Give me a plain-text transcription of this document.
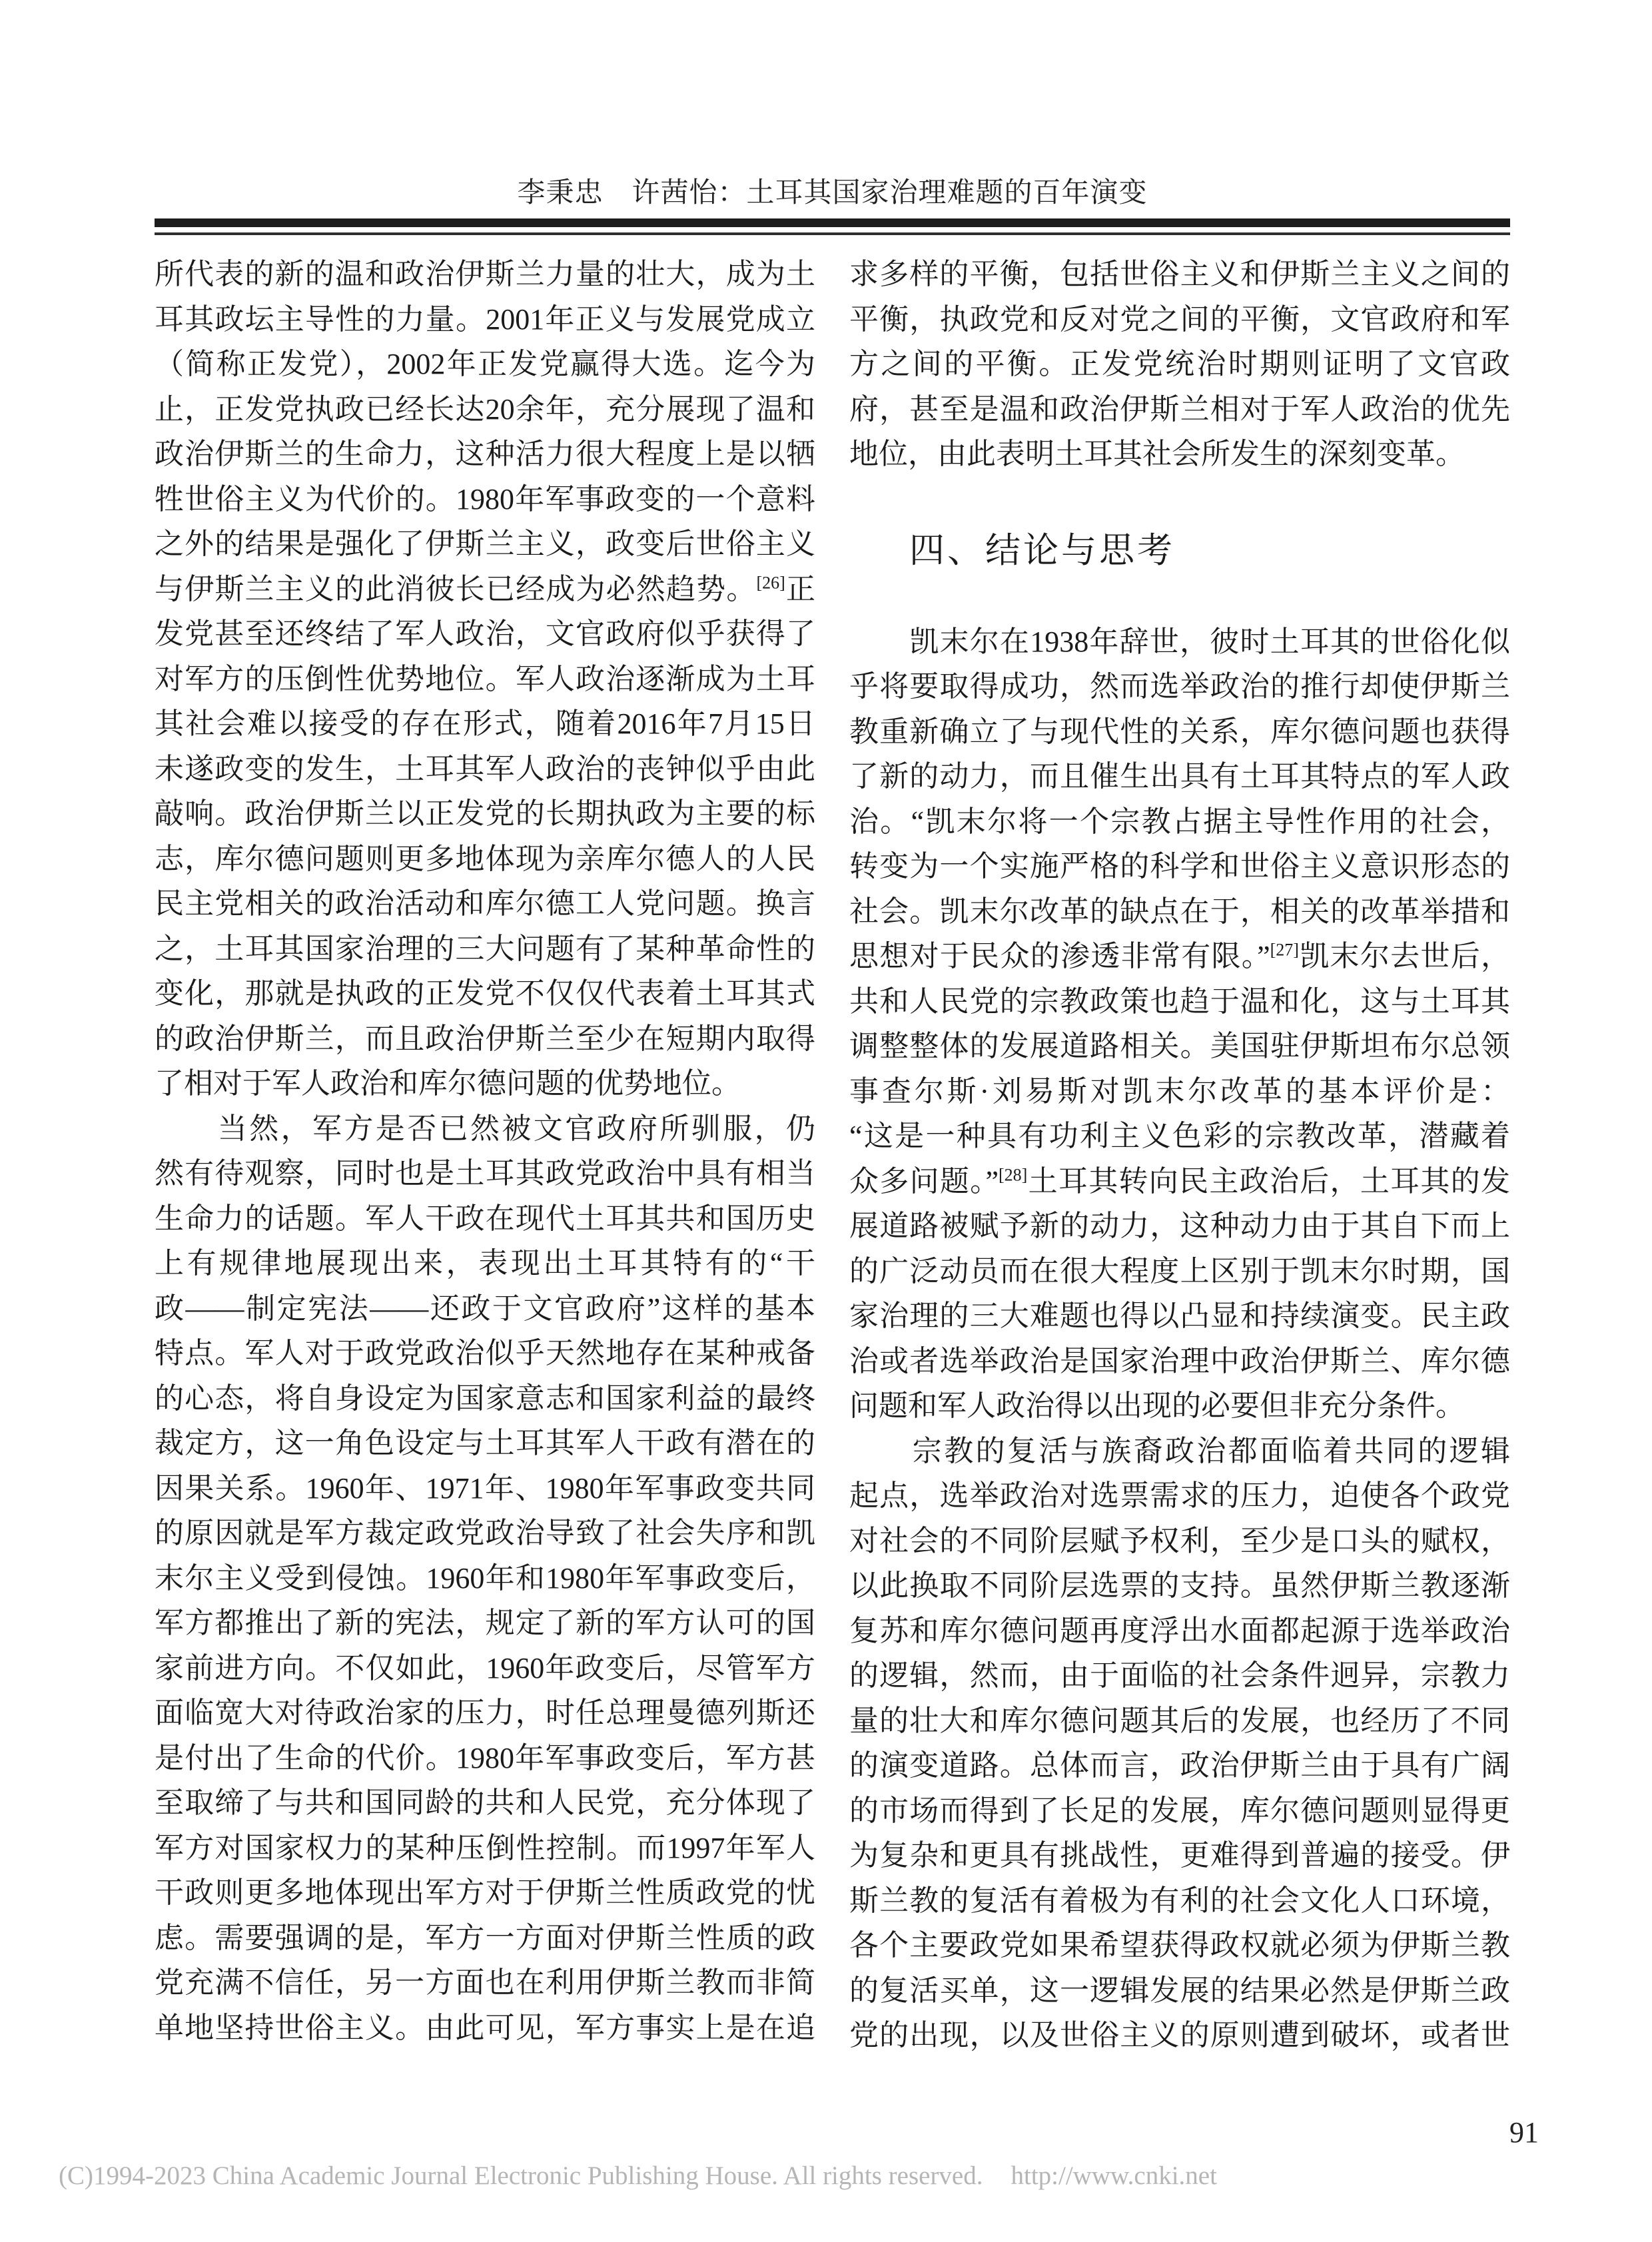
李秉忠　许茜怡：土耳其国家治理难题的百年演变
所代表的新的温和政治伊斯兰力量的壮大，成为土
耳其政坛主导性的力量。2001年正义与发展党成立
（简称正发党），2002年正发党赢得大选。迄今为
止，正发党执政已经长达20余年，充分展现了温和
政治伊斯兰的生命力，这种活力很大程度上是以牺
牲世俗主义为代价的。1980年军事政变的一个意料
之外的结果是强化了伊斯兰主义，政变后世俗主义
与伊斯兰主义的此消彼长已经成为必然趋势。[26]正
发党甚至还终结了军人政治，文官政府似乎获得了
对军方的压倒性优势地位。军人政治逐渐成为土耳
其社会难以接受的存在形式，随着2016年7月15日
未遂政变的发生，土耳其军人政治的丧钟似乎由此
敲响。政治伊斯兰以正发党的长期执政为主要的标
志，库尔德问题则更多地体现为亲库尔德人的人民
民主党相关的政治活动和库尔德工人党问题。换言
之，土耳其国家治理的三大问题有了某种革命性的
变化，那就是执政的正发党不仅仅代表着土耳其式
的政治伊斯兰，而且政治伊斯兰至少在短期内取得
了相对于军人政治和库尔德问题的优势地位。
　　当然，军方是否已然被文官政府所驯服，仍
然有待观察，同时也是土耳其政党政治中具有相当
生命力的话题。军人干政在现代土耳其共和国历史
上有规律地展现出来，表现出土耳其特有的“干
政——制定宪法——还政于文官政府”这样的基本
特点。军人对于政党政治似乎天然地存在某种戒备
的心态，将自身设定为国家意志和国家利益的最终
裁定方，这一角色设定与土耳其军人干政有潜在的
因果关系。1960年、1971年、1980年军事政变共同
的原因就是军方裁定政党政治导致了社会失序和凯
末尔主义受到侵蚀。1960年和1980年军事政变后，
军方都推出了新的宪法，规定了新的军方认可的国
家前进方向。不仅如此，1960年政变后，尽管军方
面临宽大对待政治家的压力，时任总理曼德列斯还
是付出了生命的代价。1980年军事政变后，军方甚
至取缔了与共和国同龄的共和人民党，充分体现了
军方对国家权力的某种压倒性控制。而1997年军人
干政则更多地体现出军方对于伊斯兰性质政党的忧
虑。需要强调的是，军方一方面对伊斯兰性质的政
党充满不信任，另一方面也在利用伊斯兰教而非简
单地坚持世俗主义。由此可见，军方事实上是在追
求多样的平衡，包括世俗主义和伊斯兰主义之间的
平衡，执政党和反对党之间的平衡，文官政府和军
方之间的平衡。正发党统治时期则证明了文官政
府，甚至是温和政治伊斯兰相对于军人政治的优先
地位，由此表明土耳其社会所发生的深刻变革。
四、结论与思考
　　凯末尔在1938年辞世，彼时土耳其的世俗化似
乎将要取得成功，然而选举政治的推行却使伊斯兰
教重新确立了与现代性的关系，库尔德问题也获得
了新的动力，而且催生出具有土耳其特点的军人政
治。“凯末尔将一个宗教占据主导性作用的社会，
转变为一个实施严格的科学和世俗主义意识形态的
社会。凯末尔改革的缺点在于，相关的改革举措和
思想对于民众的渗透非常有限。”[27]凯末尔去世后，
共和人民党的宗教政策也趋于温和化，这与土耳其
调整整体的发展道路相关。美国驻伊斯坦布尔总领
事查尔斯·刘易斯对凯末尔改革的基本评价是：
“这是一种具有功利主义色彩的宗教改革，潜藏着
众多问题。”[28]土耳其转向民主政治后，土耳其的发
展道路被赋予新的动力，这种动力由于其自下而上
的广泛动员而在很大程度上区别于凯末尔时期，国
家治理的三大难题也得以凸显和持续演变。民主政
治或者选举政治是国家治理中政治伊斯兰、库尔德
问题和军人政治得以出现的必要但非充分条件。
　　宗教的复活与族裔政治都面临着共同的逻辑
起点，选举政治对选票需求的压力，迫使各个政党
对社会的不同阶层赋予权利，至少是口头的赋权，
以此换取不同阶层选票的支持。虽然伊斯兰教逐渐
复苏和库尔德问题再度浮出水面都起源于选举政治
的逻辑，然而，由于面临的社会条件迥异，宗教力
量的壮大和库尔德问题其后的发展，也经历了不同
的演变道路。总体而言，政治伊斯兰由于具有广阔
的市场而得到了长足的发展，库尔德问题则显得更
为复杂和更具有挑战性，更难得到普遍的接受。伊
斯兰教的复活有着极为有利的社会文化人口环境，
各个主要政党如果希望获得政权就必须为伊斯兰教
的复活买单，这一逻辑发展的结果必然是伊斯兰政
党的出现，以及世俗主义的原则遭到破坏，或者世
91
(C)1994-2023 China Academic Journal Electronic Publishing House. All rights reserved. http://www.cnki.net
